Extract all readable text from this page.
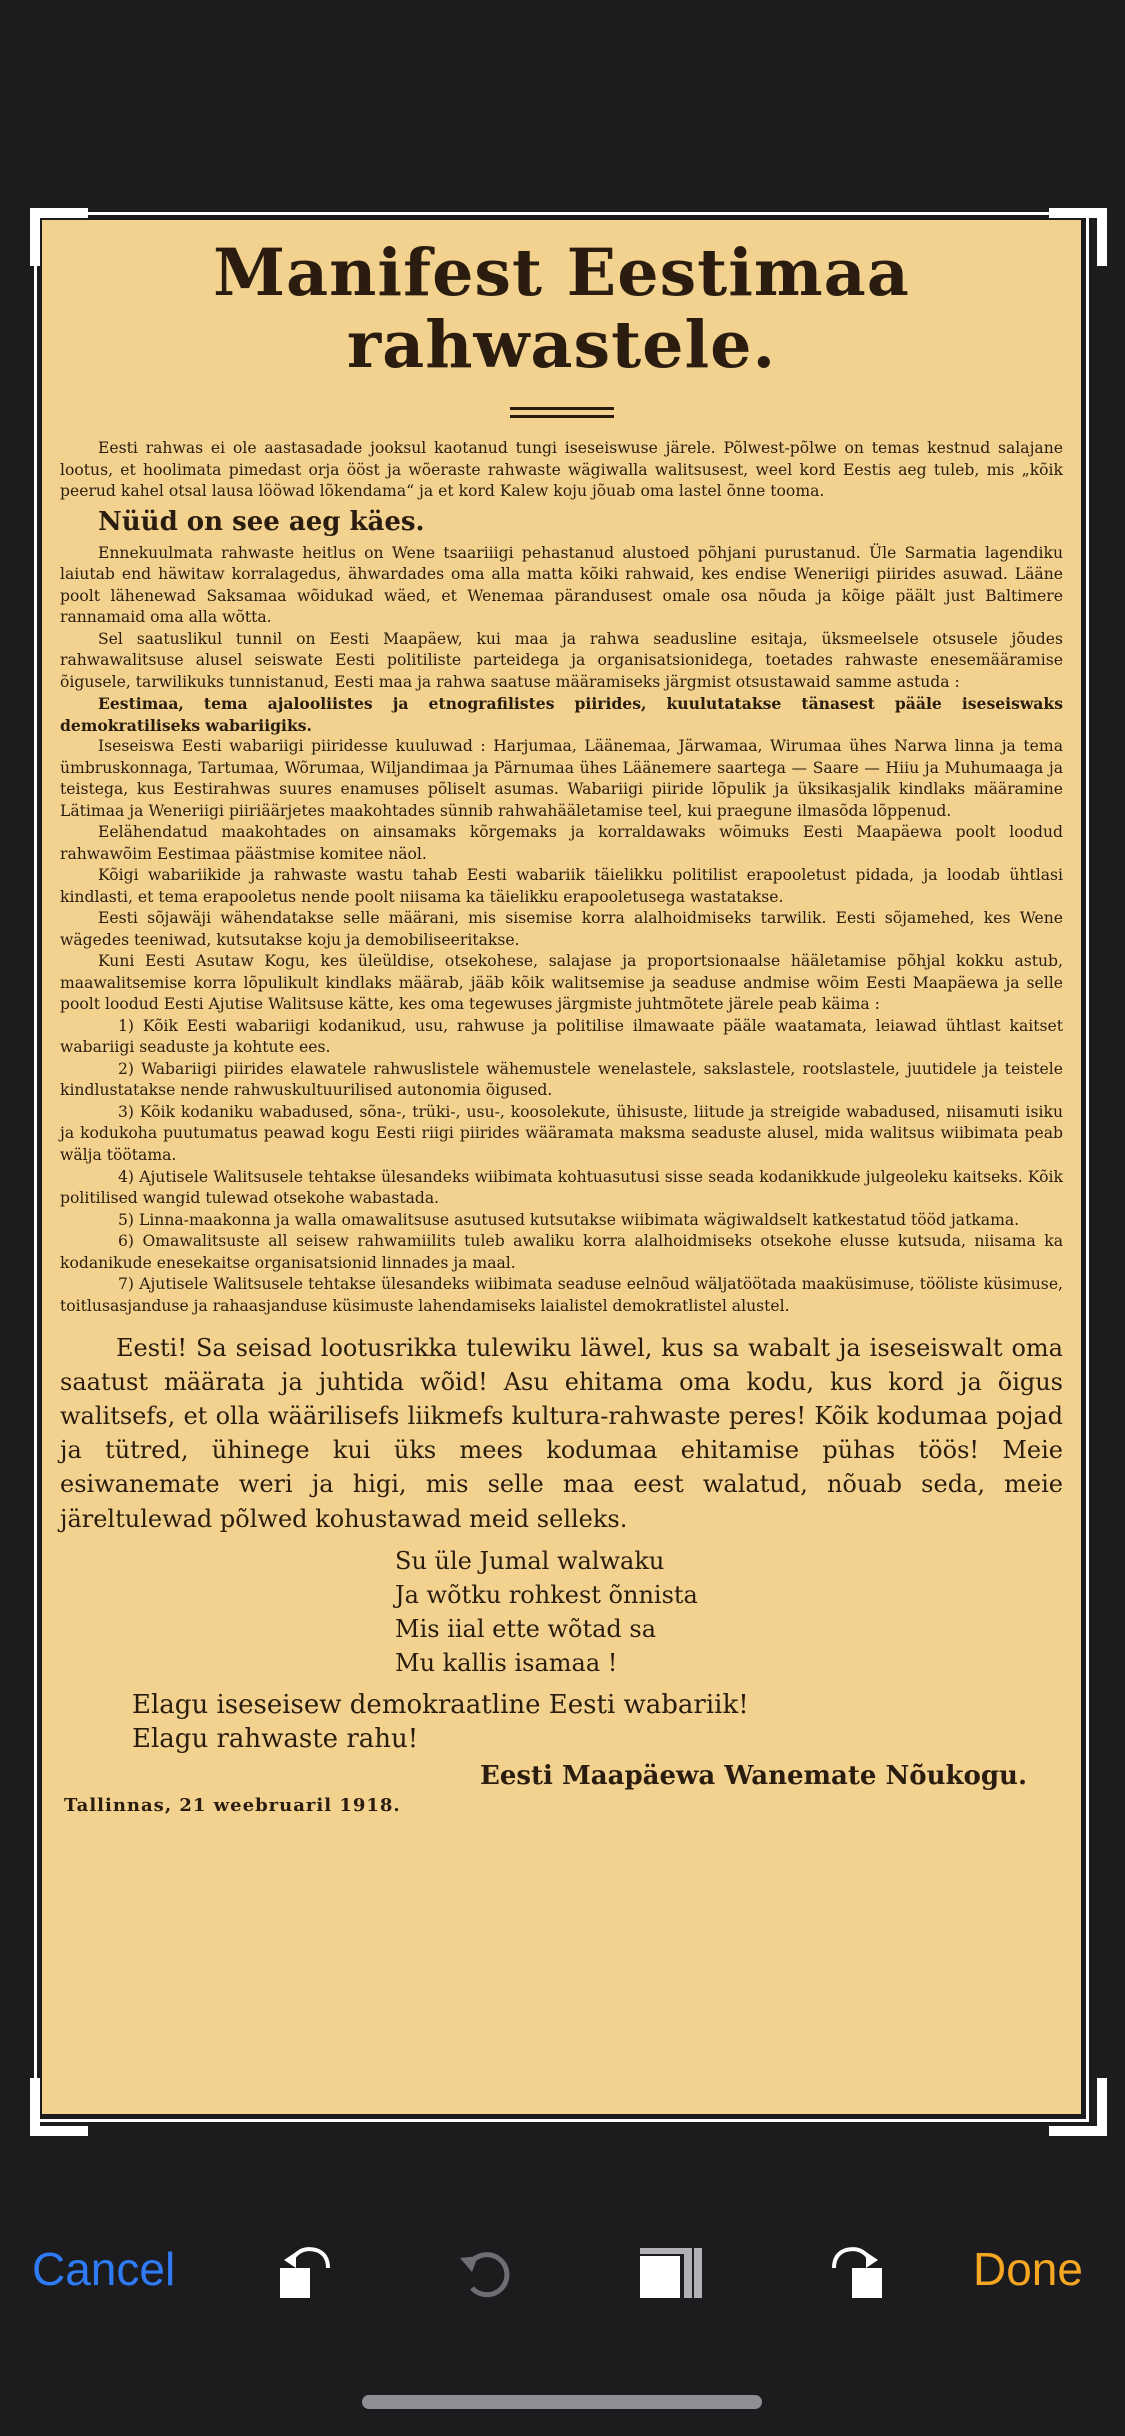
Manifest Eestimaa rahwastele.

Eesti rahwas ei ole aastasadade jooksul kaotanud tungi iseseiswuse järele. Põlwest-põlwe on temas kestnud salajane lootus, et hoolimata pimedast orja ööst ja wõeraste rahwaste wägiwalla walitsusest, weel kord Eestis aeg tuleb, mis „kõik peerud kahel otsal lausa lööwad lõkendama“ ja et kord Kalew koju jõuab oma lastel õnne tooma.

Nüüd on see aeg käes.

Ennekuulmata rahwaste heitlus on Wene tsaariiigi pehastanud alustoed põhjani purustanud. Üle Sarmatia lagendiku laiutab end häwitaw korralagedus, ähwardades oma alla matta kõiki rahwaid, kes endise Weneriigi piirides asuwad. Lääne poolt lähenewad Saksamaa wõidukad wäed, et Wenemaa pärandusest omale osa nõuda ja kõige päält just Baltimere rannamaid oma alla wõtta.

Sel saatuslikul tunnil on Eesti Maapäew, kui maa ja rahwa seadusline esitaja, üksmeelsele otsusele jõudes rahwawalitsuse alusel seiswate Eesti politiliste parteidega ja organisatsionidega, toetades rahwaste enesemääramise õigusele, tarwilikuks tunnistanud, Eesti maa ja rahwa saatuse määramiseks järgmist otsustawaid samme astuda :

Eestimaa, tema ajalooliistes ja etnografilistes piirides, kuulutatakse tänasest päälе iseseiswaks demokratiliseks wabariigiks.

Iseseiswa Eesti wabariigi piiridesse kuuluwad : Harjumaa, Läänemaa, Järwamaa, Wirumaa ühes Narwa linna ja tema ümbruskonnaga, Tartumaa, Wõrumaa, Wiljandimaa ja Pärnumaa ühes Läänemere saartega — Saare — Hiiu ja Muhumaaga ja teistega, kus Eestirahwas suures enamuses põliselt asumas. Wabariigi piiride lõpulik ja üksikasjalik kindlaks määramine Lätimaa ja Weneriigi piiriäärjetes maakohtades sünnib rahwahääletamise teel, kui praegune ilmasõda lõppenud.

Eelähendatud maakohtades on ainsamaks kõrgemaks ja korraldawaks wõimuks Eesti Maapäewa poolt loodud rahwawõim Eestimaa päästmise komitee näol.

Kõigi wabariikide ja rahwaste wastu tahab Eesti wabariik täielikku politilist erapooletust pidada, ja loodab ühtlasi kindlasti, et tema erapooletus nende poolt niisama ka täielikku erapooletusega wastatakse.

Eesti sõjawäji wähendatakse selle määrani, mis sisemise korra alalhoidmiseks tarwilik. Eesti sõjamehed, kes Wene wägedes teeniwad, kutsutakse koju ja demobiliseeritakse.

Kuni Eesti Asutaw Kogu, kes üleüldise, otsekohese, salajase ja proportsionaalse hääletamise põhjal kokku astub, maawalitsemise korra lõpulikult kindlaks määrab, jääb kõik walitsemise ja seaduse andmise wõim Eesti Maapäewa ja selle poolt loodud Eesti Ajutise Walitsuse kätte, kes oma tegewuses järgmiste juhtmõtete järele peab käima :

1) Kõik Eesti wabariigi kodanikud, usu, rahwuse ja politilise ilmawaate pääle waatamata, leiawad ühtlast kaitset wabariigi seaduste ja kohtute ees.

2) Wabariigi piirides elawatele rahwuslistele wähemustele wenelastele, sakslastele, rootslastele, juutidele ja teistele kindlustatakse nende rahwuskultuurilised autonomia õigused.

3) Kõik kodaniku wabadused, sõna-, trüki-, usu-, koosolekute, ühisuste, liitude ja streigide wabadused, niisamuti isiku ja kodukoha puutumatus peawad kogu Eesti riigi piirides wääramata maksma seaduste alusel, mida walitsus wiibimata peab wälja töötama.

4) Ajutisele Walitsusele tehtakse ülesandeks wiibimata kohtuasutusi sisse seada kodanikkude julgeoleku kaitseks. Kõik politilised wangid tulewad otsekohe wabastada.

5) Linna-maakonna ja walla omawalitsuse asutused kutsutakse wiibimata wägiwaldselt katkestatud tööd jatkama.

6) Omawalitsuste all seisew rahwamiilits tuleb awaliku korra alalhoidmiseks otsekohe elusse kutsuda, niisama ka kodanikude enesekaitse organisatsionid linnades ja maal.

7) Ajutisele Walitsusele tehtakse ülesandeks wiibimata seaduse eelnõud wäljatöötada maaküsimuse, tööliste küsimuse, toitlusasjandusе ja rahaasjanduse küsimuste lahendamiseks laialistel demokratlistel alustel.

Eesti! Sa seisad lootusrikka tulewiku läwel, kus sa wabalt ja iseseiswalt oma saatust määrata ja juhtida wõid! Asu ehitama oma kodu, kus kord ja õigus walitsefs, et olla wäärilisefs liikmefs kultura-rahwaste peres! Kõik kodumaa pojad ja tütred, ühinege kui üks mees kodumaa ehitamise pühas töös! Meie esiwanemate weri ja higi, mis selle maa eest walatud, nõuab seda, meie järeltulewad põlwed kohustawad meid selleks.

Su üle Jumal walwaku
Ja wõtku rohkest õnnista
Mis iial ette wõtad sa
Mu kallis isamaa !
Elagu iseseisew demokraatline Eesti wabariik!
Elagu rahwaste rahu!
Eesti Maapäewa Wanematе Nõukogu.
Tallinnas, 21 weebruaril 1918.
Cancel	Done
